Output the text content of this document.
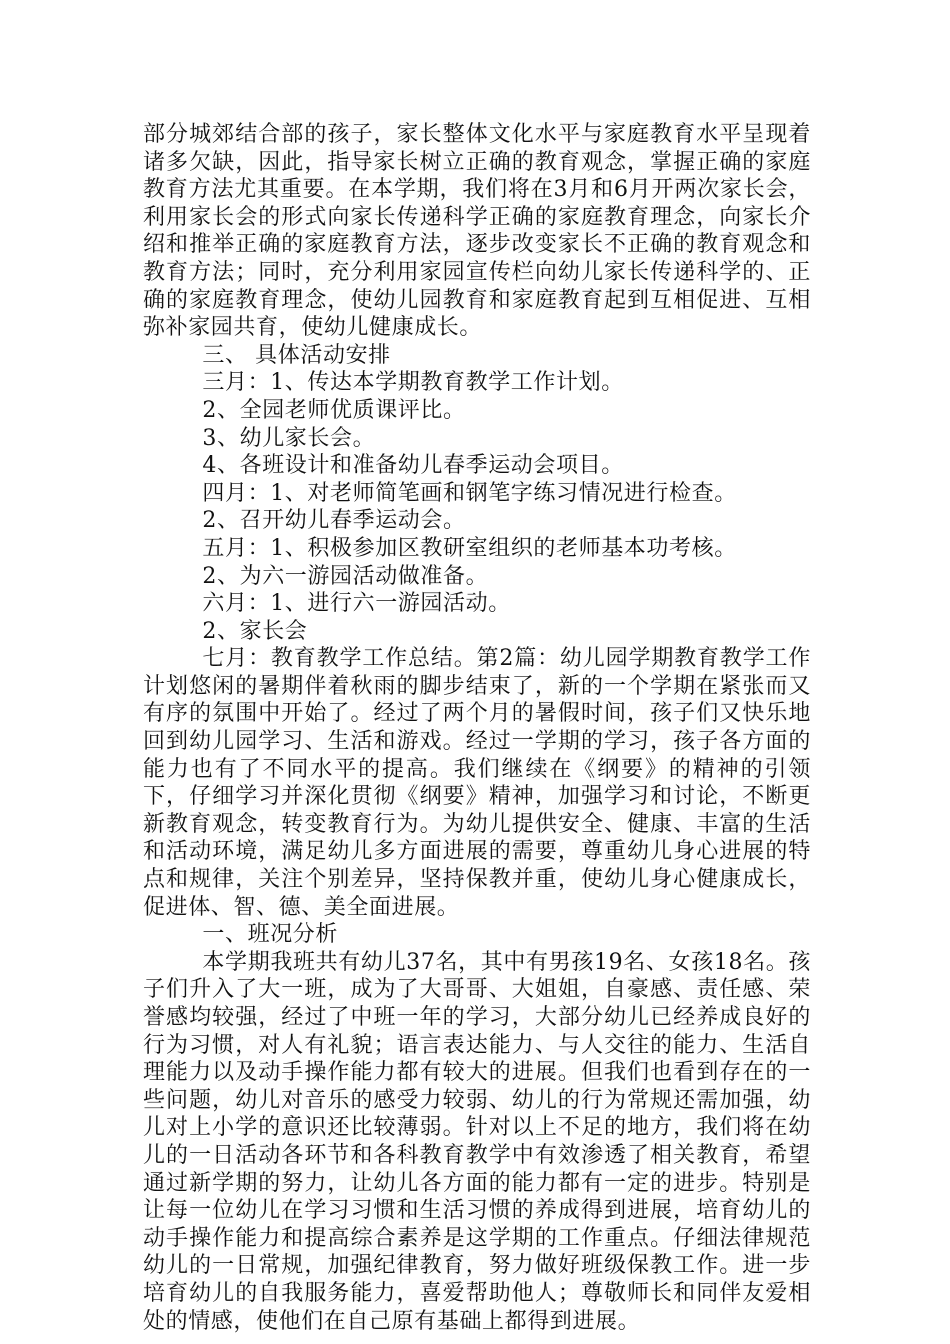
部分城郊结合部的孩子，家长整体文化水平与家庭教育水平呈现着诸多欠缺，因此，指导家长树立正确的教育观念，掌握正确的家庭教育方法尤其重要。在本学期，我们将在3月和6月开两次家长会，利用家长会的形式向家长传递科学正确的家庭教育理念，向家长介绍和推举正确的家庭教育方法，逐步改变家长不正确的教育观念和教育方法；同时，充分利用家园宣传栏向幼儿家长传递科学的、正确的家庭教育理念，使幼儿园教育和家庭教育起到互相促进、互相弥补家园共育，使幼儿健康成长。

三、 具体活动安排

三月：1、传达本学期教育教学工作计划。

2、全园老师优质课评比。

3、幼儿家长会。

4、各班设计和准备幼儿春季运动会项目。

四月：1、对老师简笔画和钢笔字练习情况进行检查。

2、召开幼儿春季运动会。

五月：1、积极参加区教研室组织的老师基本功考核。

2、为六一游园活动做准备。

六月：1、进行六一游园活动。

2、家长会

七月：教育教学工作总结。第2篇：幼儿园学期教育教学工作计划悠闲的暑期伴着秋雨的脚步结束了，新的一个学期在紧张而又有序的氛围中开始了。经过了两个月的暑假时间，孩子们又快乐地回到幼儿园学习、生活和游戏。经过一学期的学习，孩子各方面的能力也有了不同水平的提高。我们继续在《纲要》的精神的引领下，仔细学习并深化贯彻《纲要》精神，加强学习和讨论，不断更新教育观念，转变教育行为。为幼儿提供安全、健康、丰富的生活和活动环境，满足幼儿多方面进展的需要，尊重幼儿身心进展的特点和规律，关注个别差异，坚持保教并重，使幼儿身心健康成长，促进体、智、德、美全面进展。

一、班况分析

本学期我班共有幼儿37名，其中有男孩19名、女孩18名。孩子们升入了大一班，成为了大哥哥、大姐姐，自豪感、责任感、荣誉感均较强，经过了中班一年的学习，大部分幼儿已经养成良好的行为习惯，对人有礼貌；语言表达能力、与人交往的能力、生活自理能力以及动手操作能力都有较大的进展。但我们也看到存在的一些问题，幼儿对音乐的感受力较弱、幼儿的行为常规还需加强，幼儿对上小学的意识还比较薄弱。针对以上不足的地方，我们将在幼儿的一日活动各环节和各科教育教学中有效渗透了相关教育，希望通过新学期的努力，让幼儿各方面的能力都有一定的进步。特别是让每一位幼儿在学习习惯和生活习惯的养成得到进展，培育幼儿的动手操作能力和提高综合素养是这学期的工作重点。仔细法律规范幼儿的一日常规，加强纪律教育，努力做好班级保教工作。进一步培育幼儿的自我服务能力，喜爱帮助他人；尊敬师长和同伴友爱相处的情感，使他们在自己原有基础上都得到进展。
